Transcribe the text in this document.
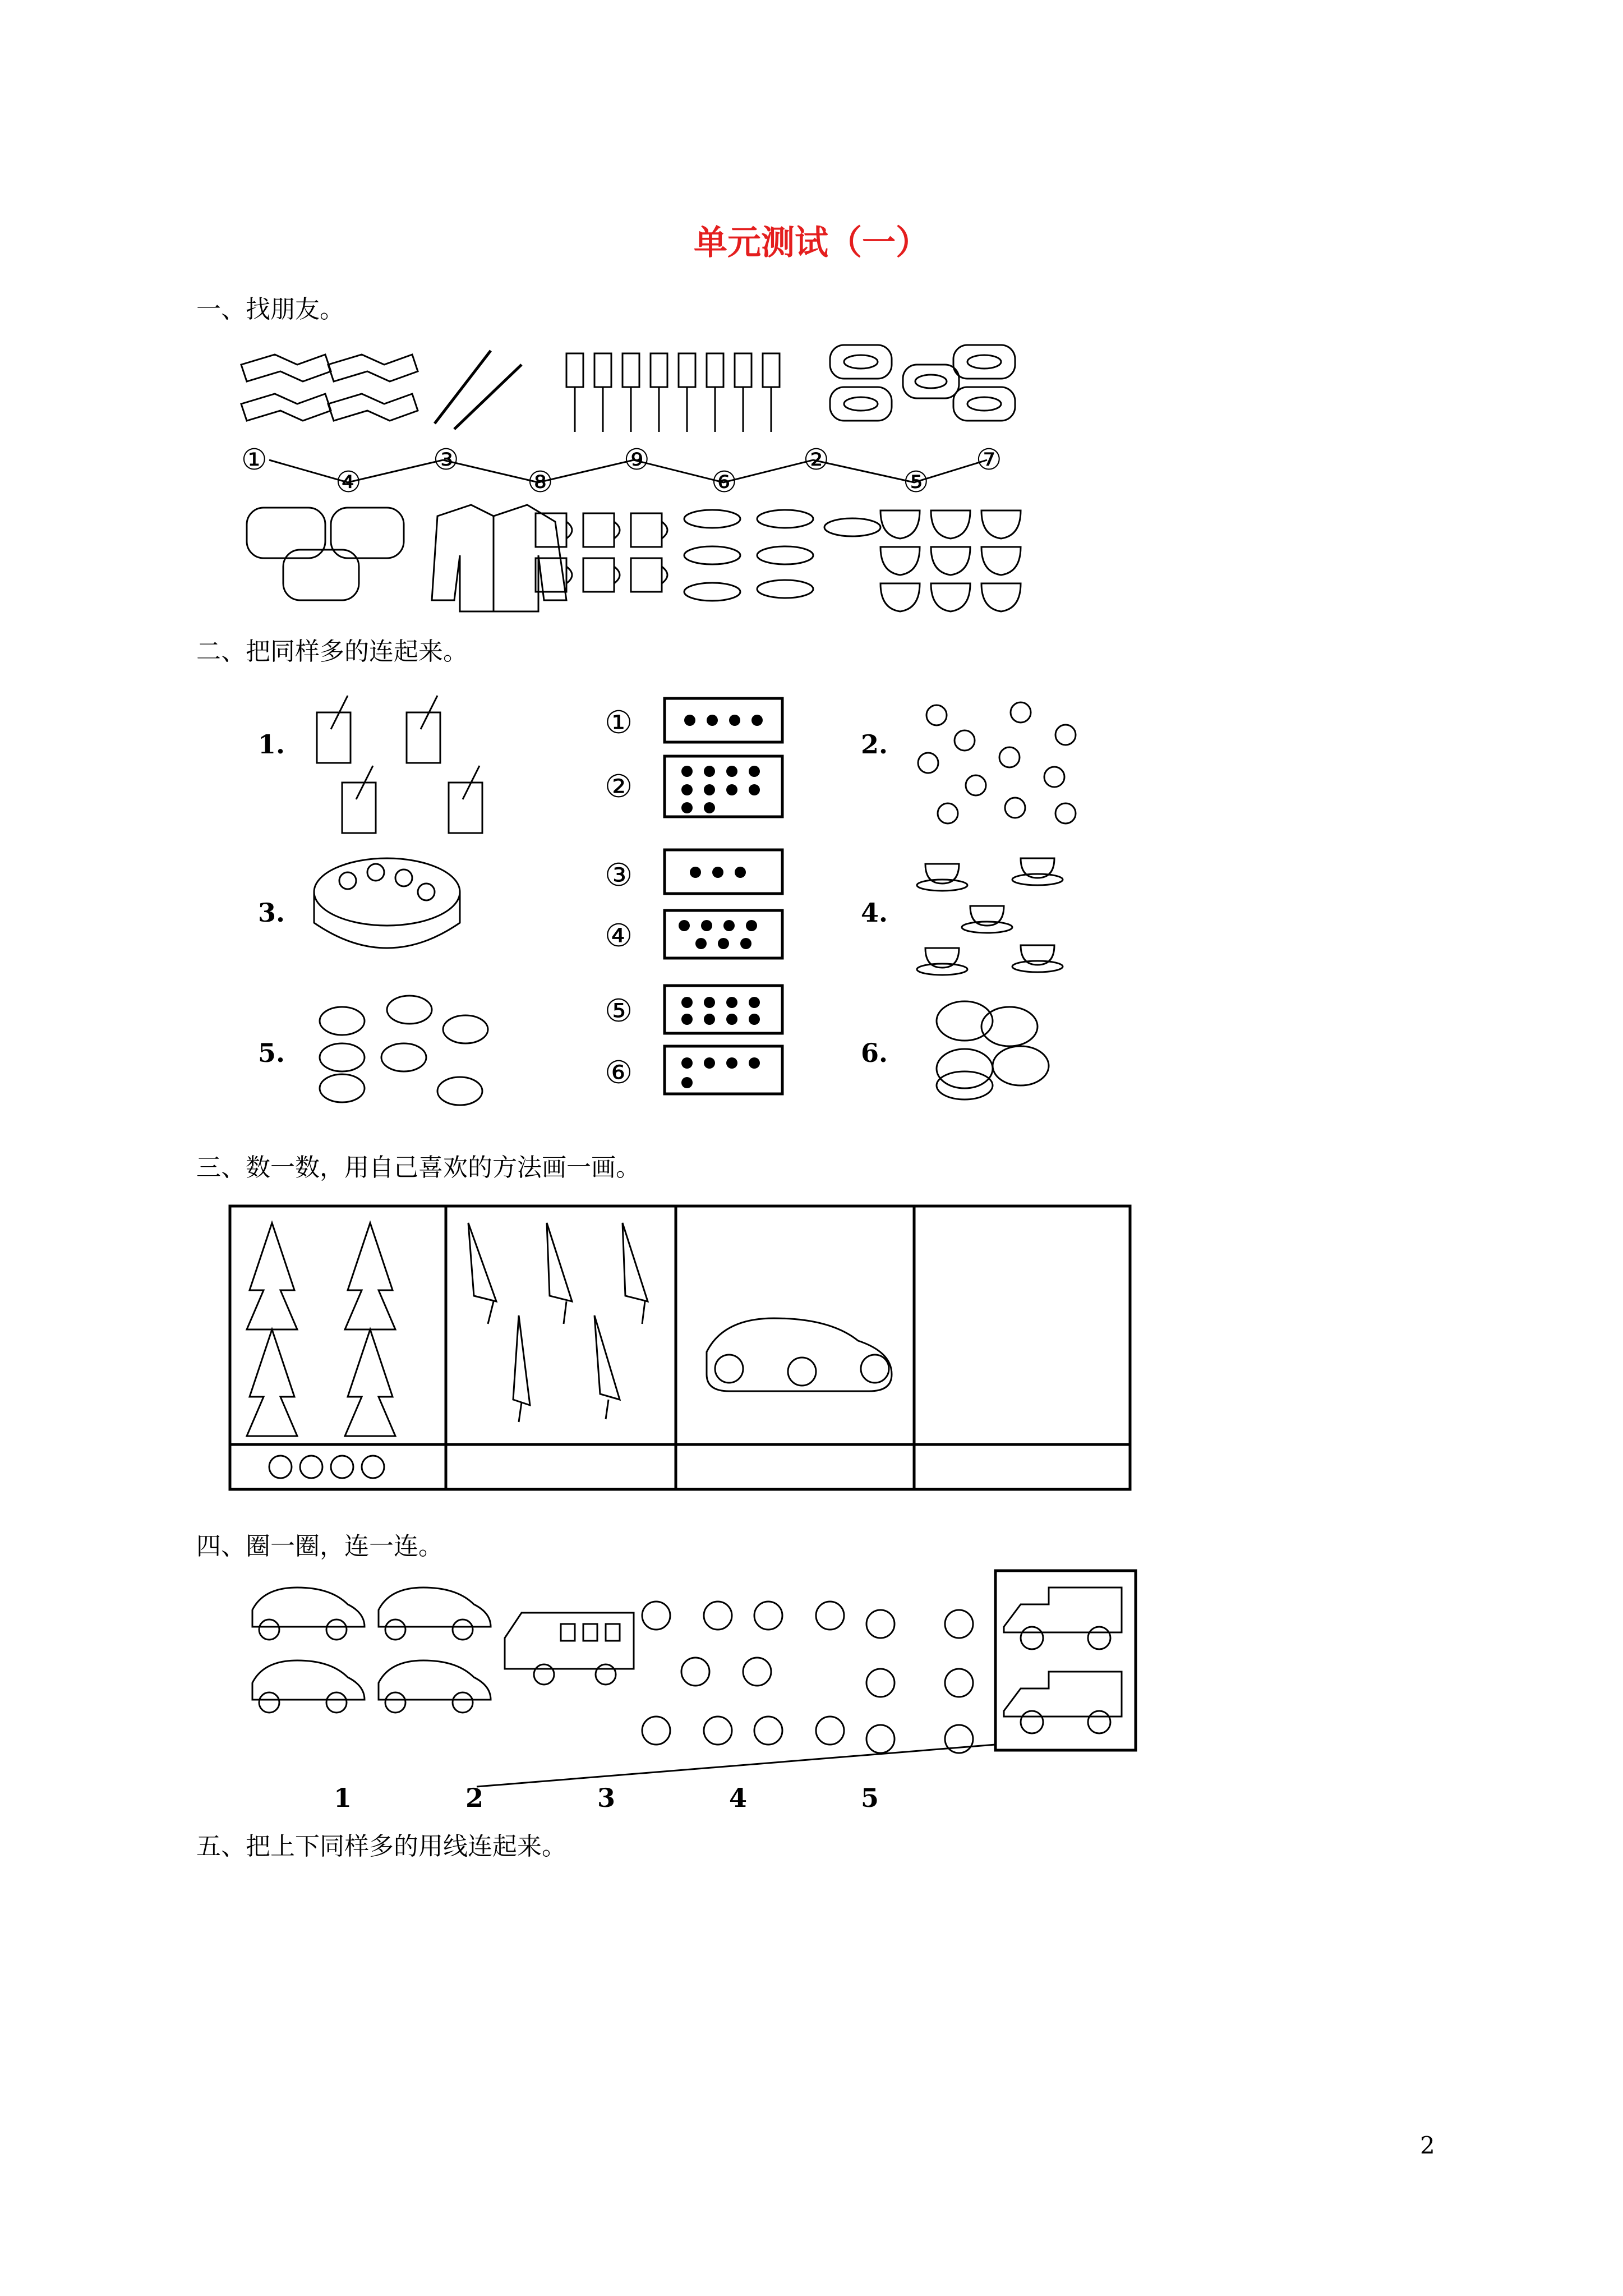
单元测试（一）
一、找朋友。
二、把同样多的连起来。
三、数一数，用自己喜欢的方法画一画。
四、圈一圈，连一连。
五、把上下同样多的用线连起来。
①
④
③
⑧
⑨
⑥
②
⑤
⑦
1.	2.
3.	4.
5.	6.
①
②
③
④
⑤
⑥
1	2	3	4	5
2
